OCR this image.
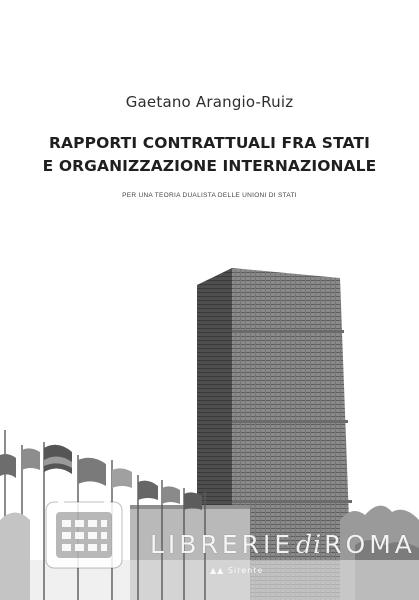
Gaetano Arangio-Ruiz
RAPPORTI CONTRATTUALI FRA STATI
E ORGANIZZAZIONE INTERNAZIONALE
PER UNA TEORIA DUALISTA DELLE UNIONI DI STATI
LIBRERIEdiROMA
▲▲ Sirente
